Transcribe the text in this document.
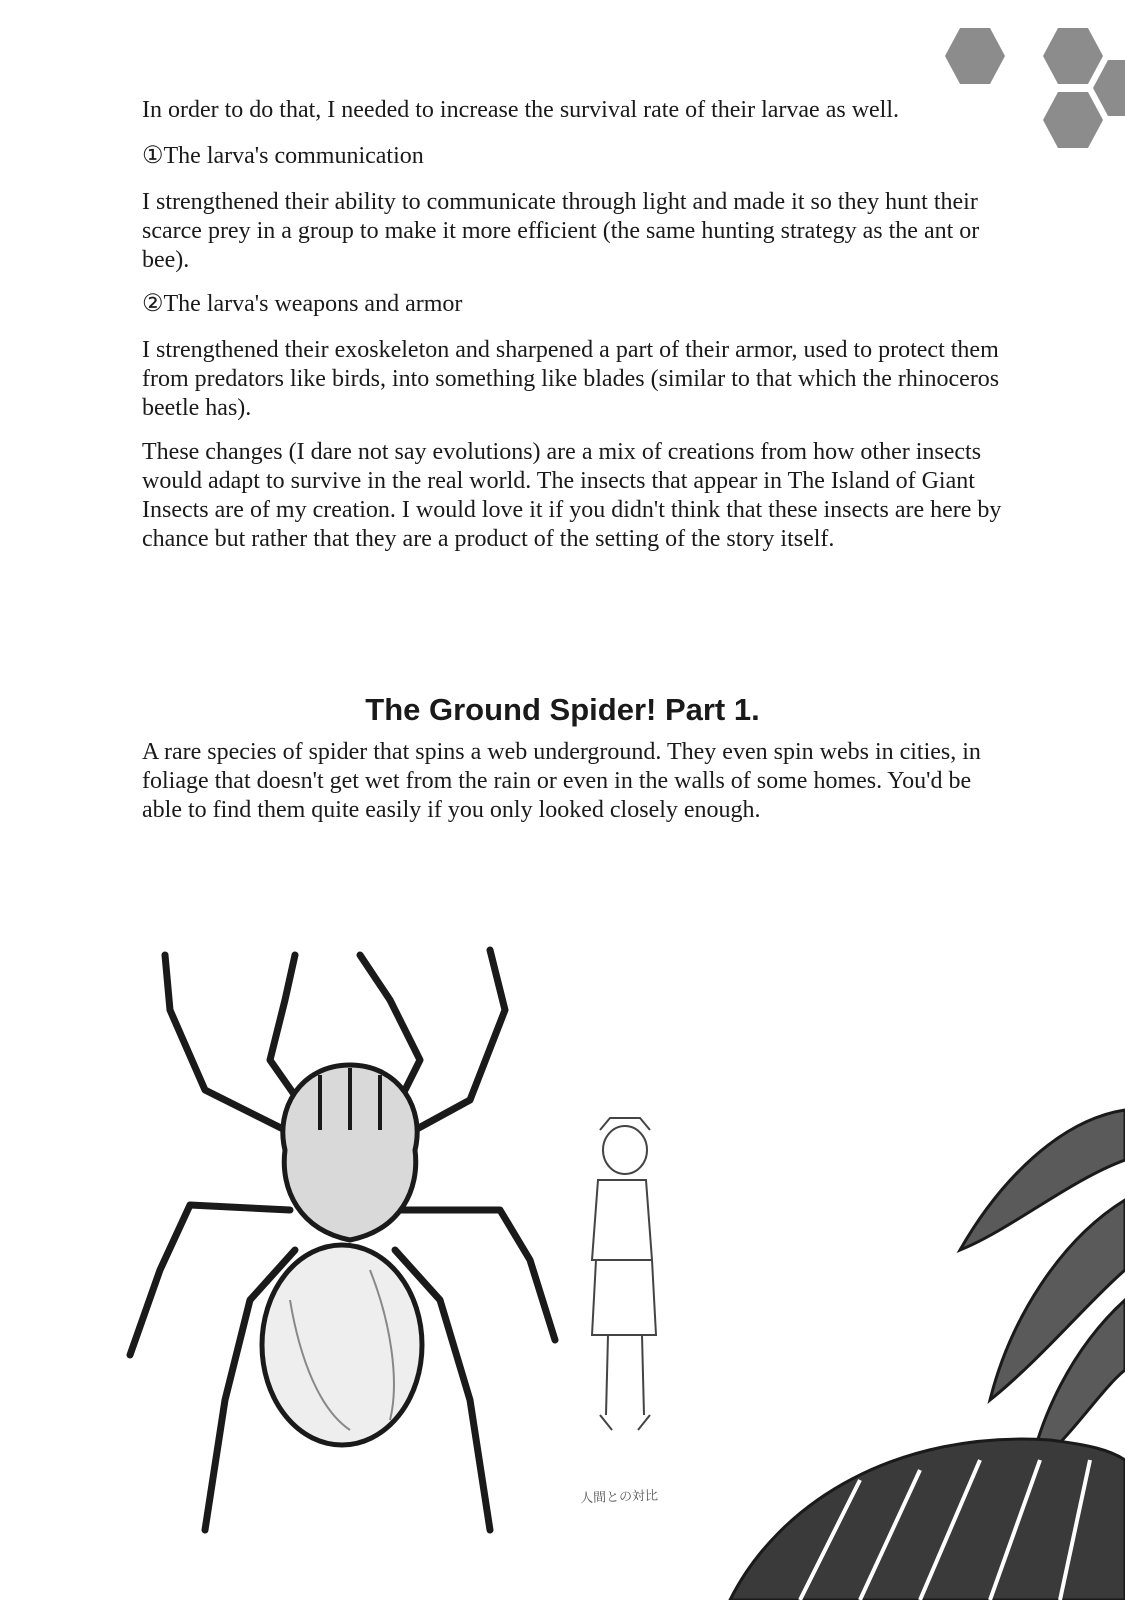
In order to do that, I needed to increase the survival rate of their larvae as well.

①The larva's communication

I strengthened their ability to communicate through light and made it so they hunt their scarce prey in a group to make it more efficient (the same hunting strategy as the ant or bee).

②The larva's weapons and armor

I strengthened their exoskeleton and sharpened a part of their armor, used to protect them from predators like birds, into something like blades (similar to that which the rhinoceros beetle has).

These changes (I dare not say evolutions) are a mix of creations from how other insects would adapt to survive in the real world. The insects that appear in The Island of Giant Insects are of my creation. I would love it if you didn't think that these insects are here by chance but rather that they are a product of the setting of the story itself.

The Ground Spider! Part 1.

A rare species of spider that spins a web underground. They even spin webs in cities, in foliage that doesn't get wet from the rain or even in the walls of some homes. You'd be able to find them quite easily if you only looked closely enough.

人間との対比
